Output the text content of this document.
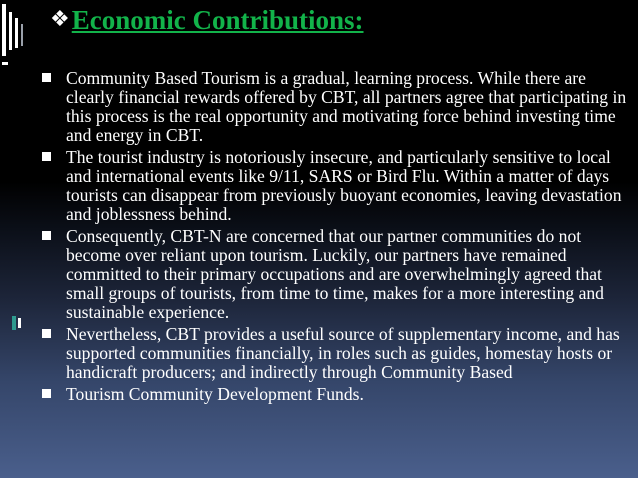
❖ Economic Contributions:
Community Based Tourism is a gradual, learning process. While there are clearly financial rewards offered by CBT, all partners agree that participating in this process is the real opportunity and motivating force behind investing time and energy in CBT.
The tourist industry is notoriously insecure, and particularly sensitive to local and international events like 9/11, SARS or Bird Flu. Within a matter of days tourists can disappear from previously buoyant economies, leaving devastation and joblessness behind.
Consequently, CBT-N are concerned that our partner communities do not become over reliant upon tourism. Luckily, our partners have remained committed to their primary occupations and are overwhelmingly agreed that small groups of tourists, from time to time, makes for a more interesting and sustainable experience.
Nevertheless, CBT provides a useful source of supplementary income, and has supported communities financially, in roles such as guides, homestay hosts or handicraft producers; and indirectly through Community Based
Tourism Community Development Funds.
